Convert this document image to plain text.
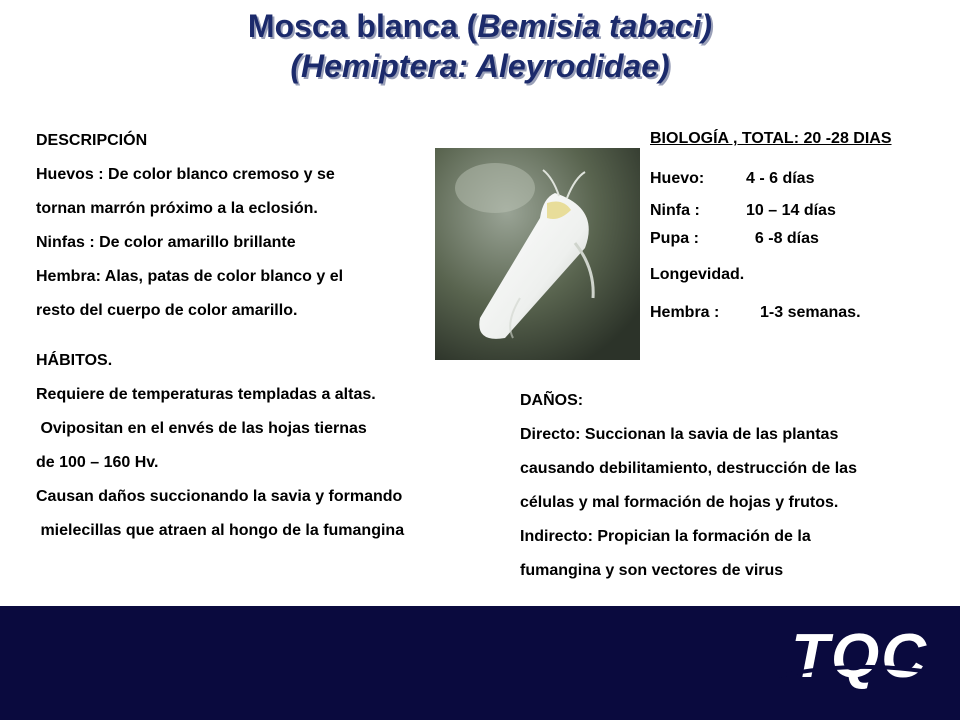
Mosca blanca (Bemisia tabaci)
(Hemiptera: Aleyrodidae)
DESCRIPCIÓN
Huevos : De color blanco cremoso y se
tornan marrón próximo a la eclosión.
Ninfas : De color amarillo brillante
Hembra: Alas, patas de color blanco y el
resto del cuerpo de color amarillo.
BIOLOGÍA , TOTAL: 20 -28 DIAS
Huevo:	4 - 6 días
Ninfa :	10 – 14 días
Pupa :	6 -8 días
Longevidad.
Hembra :	1-3 semanas.
HÁBITOS.
Requiere de temperaturas templadas a altas.
Ovipositan en el envés de las hojas tiernas
de 100 – 160 Hv.
Causan daños succionando la savia y formando
mielecillas que atraen al hongo de la fumangina
DAÑOS:
Directo: Succionan la savia de las plantas
causando debilitamiento, destrucción de las
células y mal formación de hojas y frutos.
Indirecto: Propician la formación de la
fumangina y son vectores de virus
TQC
